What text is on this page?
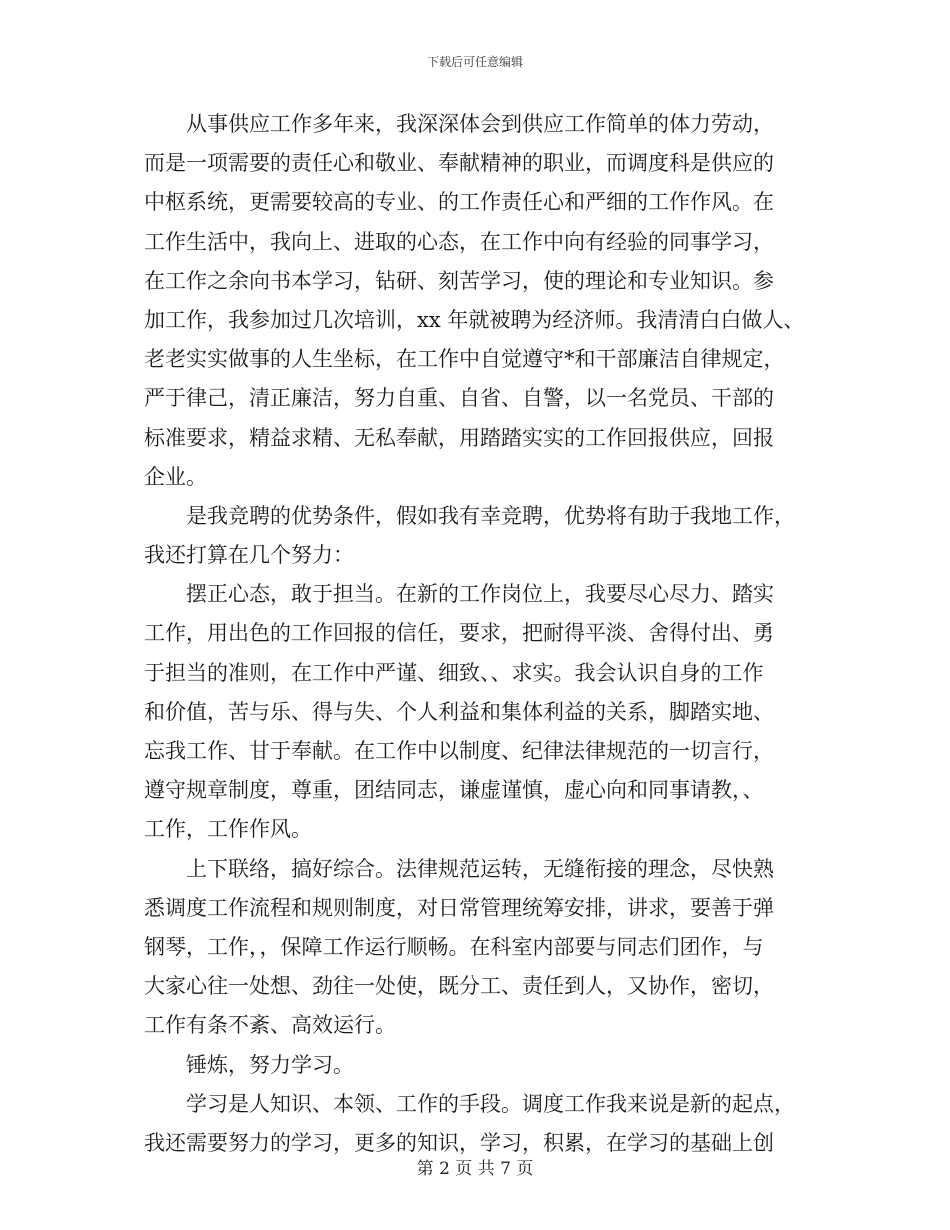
下载后可任意编辑
从事供应工作多年来，我深深体会到供应工作简单的体力劳动，
而是一项需要的责任心和敬业、奉献精神的职业，而调度科是供应的
中枢系统，更需要较高的专业、的工作责任心和严细的工作作风。在
工作生活中，我向上、进取的心态，在工作中向有经验的同事学习，
在工作之余向书本学习，钻研、刻苦学习，使的理论和专业知识。参
加工作，我参加过几次培训，xx 年就被聘为经济师。我清清白白做人、
老老实实做事的人生坐标，在工作中自觉遵守*和干部廉洁自律规定，
严于律己，清正廉洁，努力自重、自省、自警，以一名党员、干部的
标准要求，精益求精、无私奉献，用踏踏实实的工作回报供应，回报
企业。
是我竞聘的优势条件，假如我有幸竞聘，优势将有助于我地工作，
我还打算在几个努力：
摆正心态，敢于担当。在新的工作岗位上，我要尽心尽力、踏实
工作，用出色的工作回报的信任，要求，把耐得平淡、舍得付出、勇
于担当的准则，在工作中严谨、细致、、求实。我会认识自身的工作
和价值，苦与乐、得与失、个人利益和集体利益的关系，脚踏实地、
忘我工作、甘于奉献。在工作中以制度、纪律法律规范的一切言行，
遵守规章制度，尊重，团结同志，谦虚谨慎，虚心向和同事请教，、
工作，工作作风。
上下联络，搞好综合。法律规范运转，无缝衔接的理念，尽快熟
悉调度工作流程和规则制度，对日常管理统筹安排，讲求，要善于弹
钢琴，工作，，保障工作运行顺畅。在科室内部要与同志们团作，与
大家心往一处想、劲往一处使，既分工、责任到人，又协作，密切，
工作有条不紊、高效运行。
锤炼，努力学习。
学习是人知识、本领、工作的手段。调度工作我来说是新的起点，
我还需要努力的学习，更多的知识，学习，积累，在学习的基础上创
第 2 页 共 7 页
